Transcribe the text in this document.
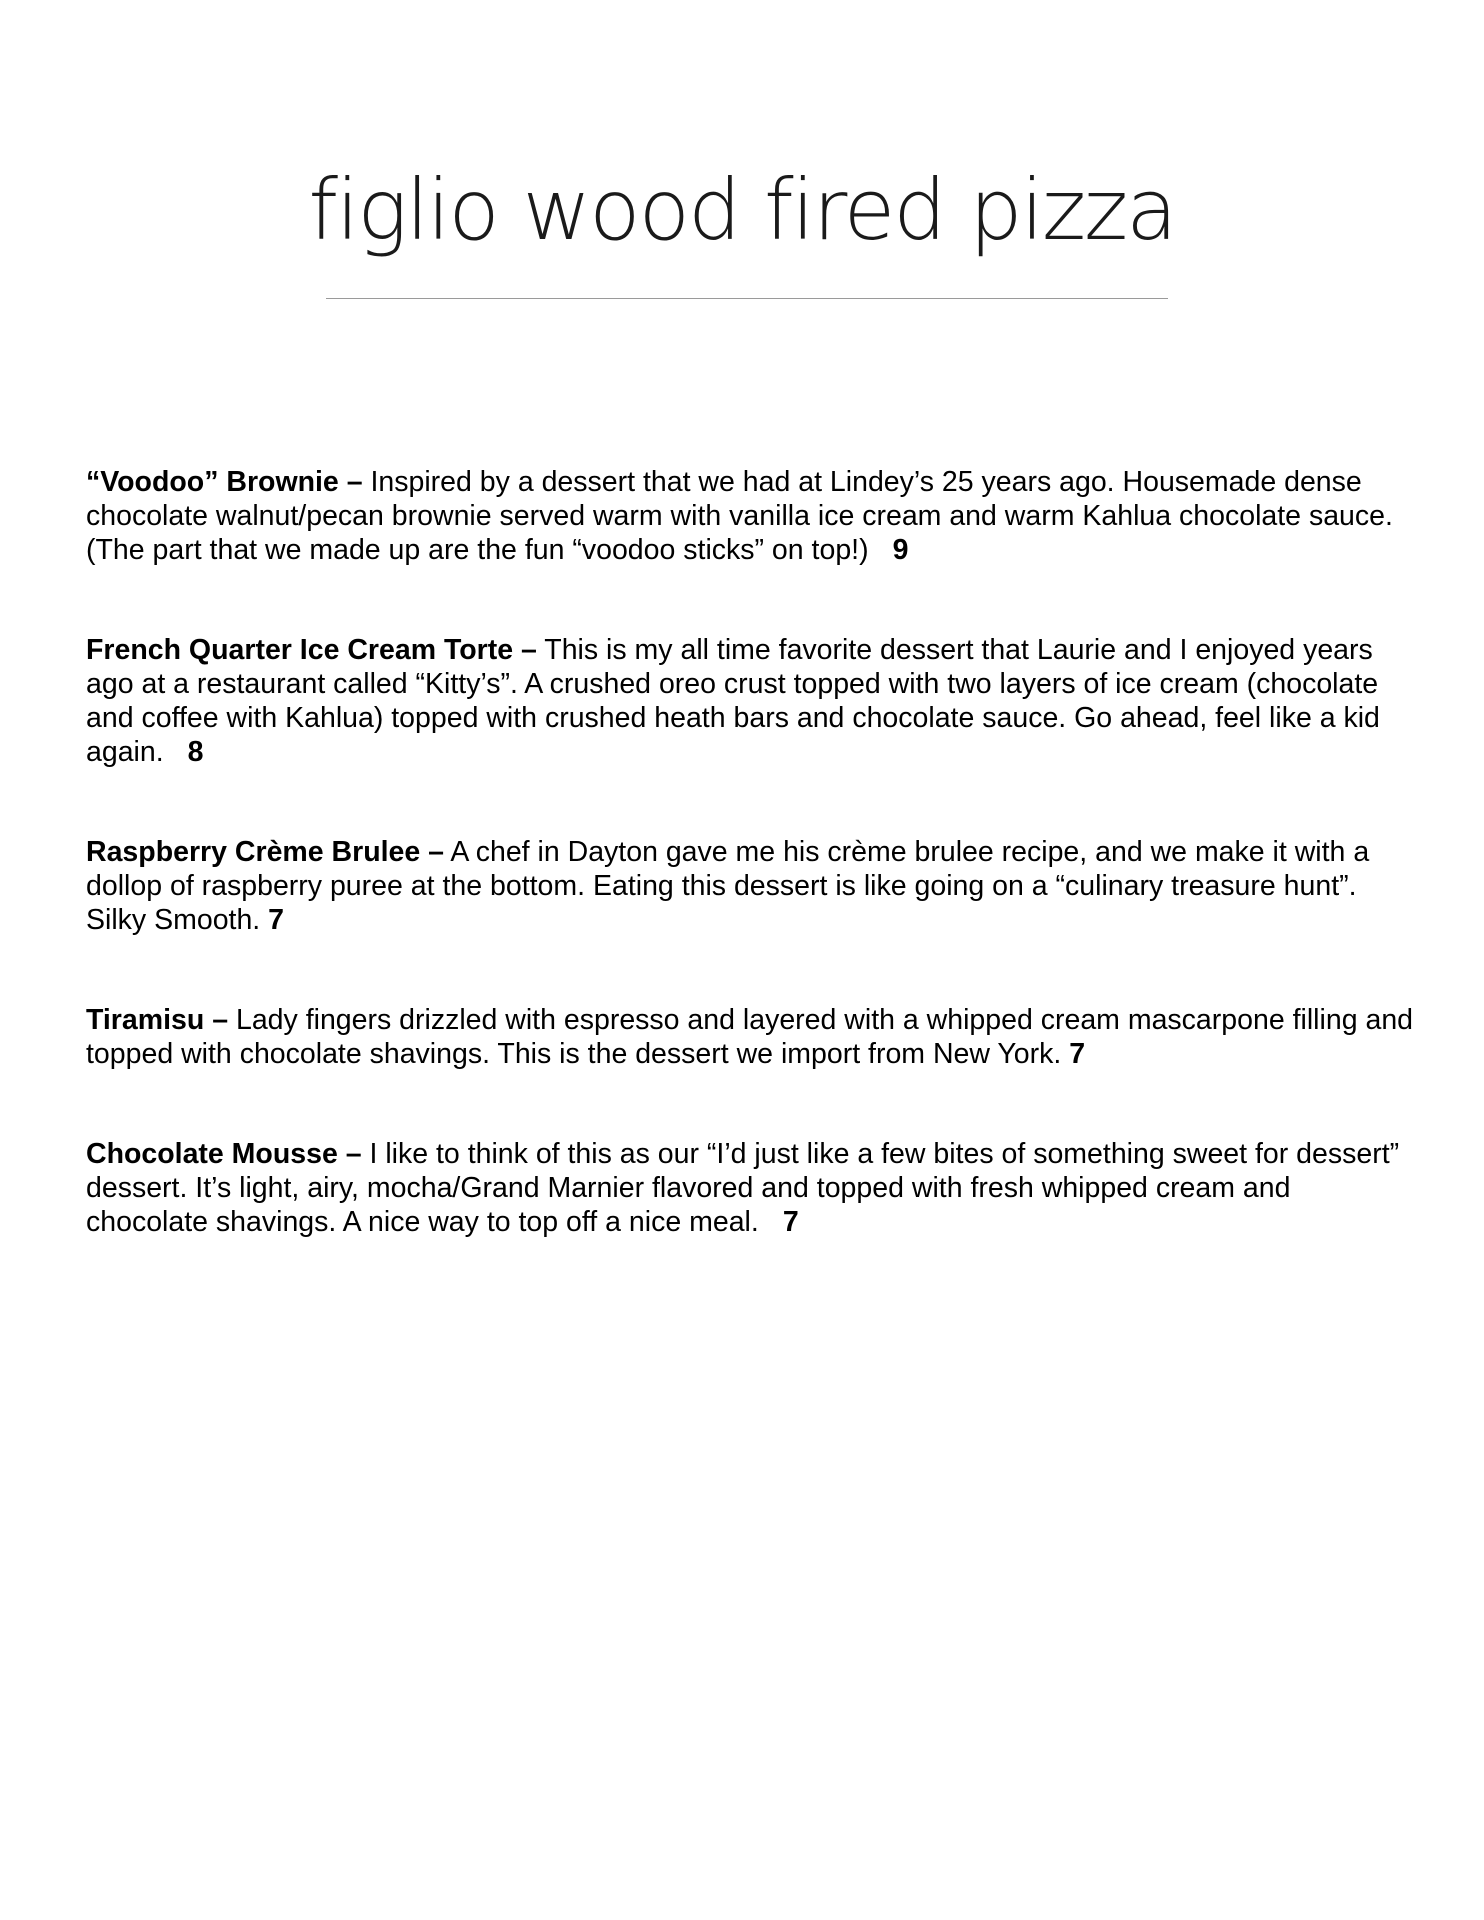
figlio wood fired pizza

“Voodoo” Brownie – Inspired by a dessert that we had at Lindey’s 25 years ago. Housemade dense chocolate walnut/pecan brownie served warm with vanilla ice cream and warm Kahlua chocolate sauce. (The part that we made up are the fun “voodoo sticks” on top!) 9

French Quarter Ice Cream Torte – This is my all time favorite dessert that Laurie and I enjoyed years ago at a restaurant called “Kitty’s”. A crushed oreo crust topped with two layers of ice cream (chocolate and coffee with Kahlua) topped with crushed heath bars and chocolate sauce. Go ahead, feel like a kid again. 8

Raspberry Crème Brulee – A chef in Dayton gave me his crème brulee recipe, and we make it with a dollop of raspberry puree at the bottom. Eating this dessert is like going on a “culinary treasure hunt”. Silky Smooth. 7

Tiramisu – Lady fingers drizzled with espresso and layered with a whipped cream mascarpone filling and topped with chocolate shavings. This is the dessert we import from New York. 7

Chocolate Mousse – I like to think of this as our “I’d just like a few bites of something sweet for dessert” dessert. It’s light, airy, mocha/Grand Marnier flavored and topped with fresh whipped cream and chocolate shavings. A nice way to top off a nice meal. 7
